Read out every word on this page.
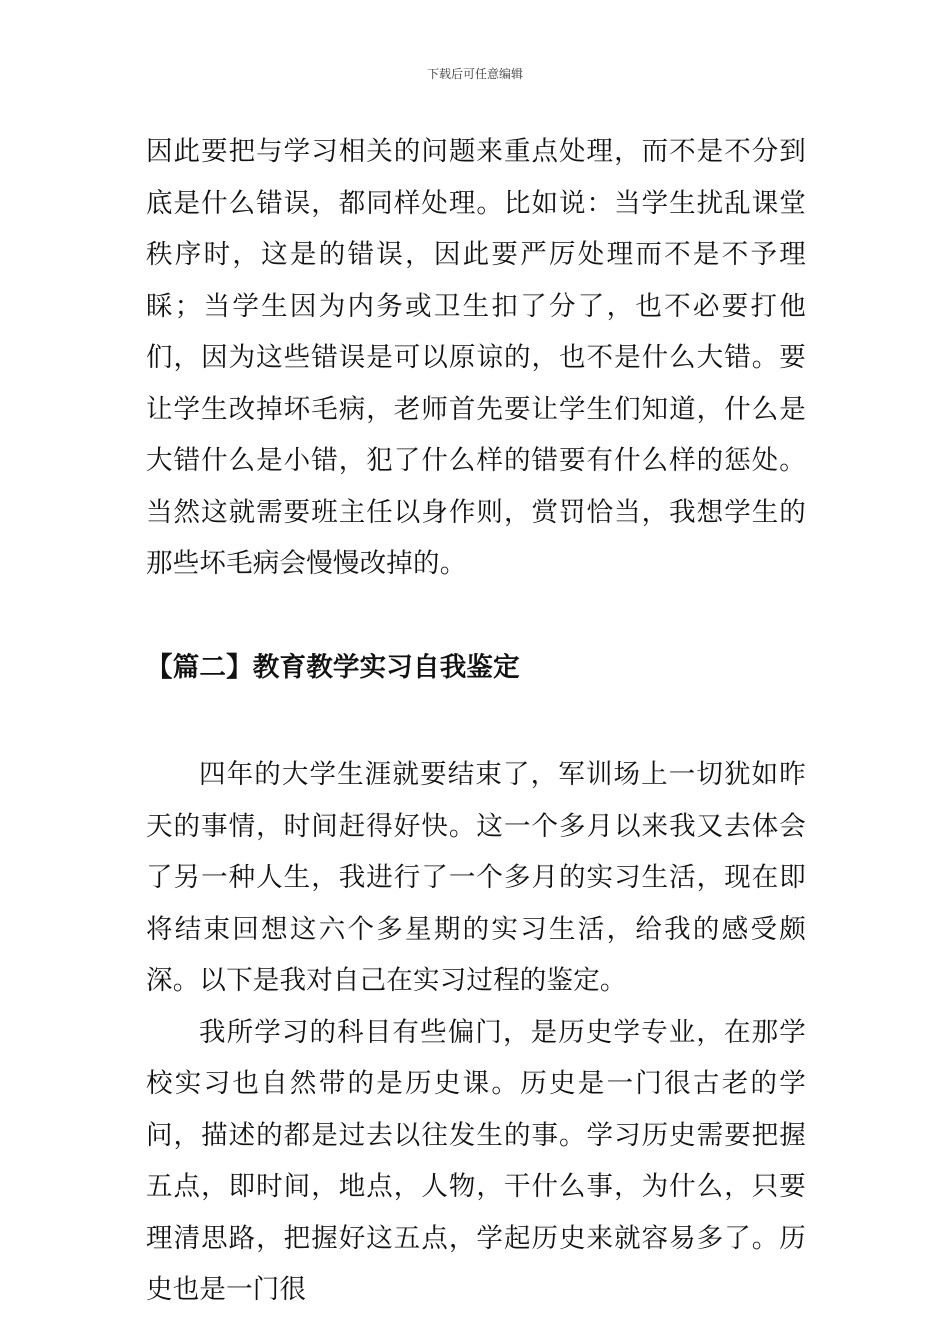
下载后可任意编辑

因此要把与学习相关的问题来重点处理，而不是不分到底是什么错误，都同样处理。比如说：当学生扰乱课堂秩序时，这是的错误，因此要严厉处理而不是不予理睬；当学生因为内务或卫生扣了分了，也不必要打他们，因为这些错误是可以原谅的，也不是什么大错。要让学生改掉坏毛病，老师首先要让学生们知道，什么是大错什么是小错，犯了什么样的错要有什么样的惩处。当然这就需要班主任以身作则，赏罚恰当，我想学生的那些坏毛病会慢慢改掉的。

【篇二】教育教学实习自我鉴定

四年的大学生涯就要结束了，军训场上一切犹如昨天的事情，时间赶得好快。这一个多月以来我又去体会了另一种人生，我进行了一个多月的实习生活，现在即将结束回想这六个多星期的实习生活，给我的感受颇深。以下是我对自己在实习过程的鉴定。

我所学习的科目有些偏门，是历史学专业，在那学校实习也自然带的是历史课。历史是一门很古老的学问，描述的都是过去以往发生的事。学习历史需要把握五点，即时间，地点，人物，干什么事，为什么，只要理清思路，把握好这五点，学起历史来就容易多了。历史也是一门很
